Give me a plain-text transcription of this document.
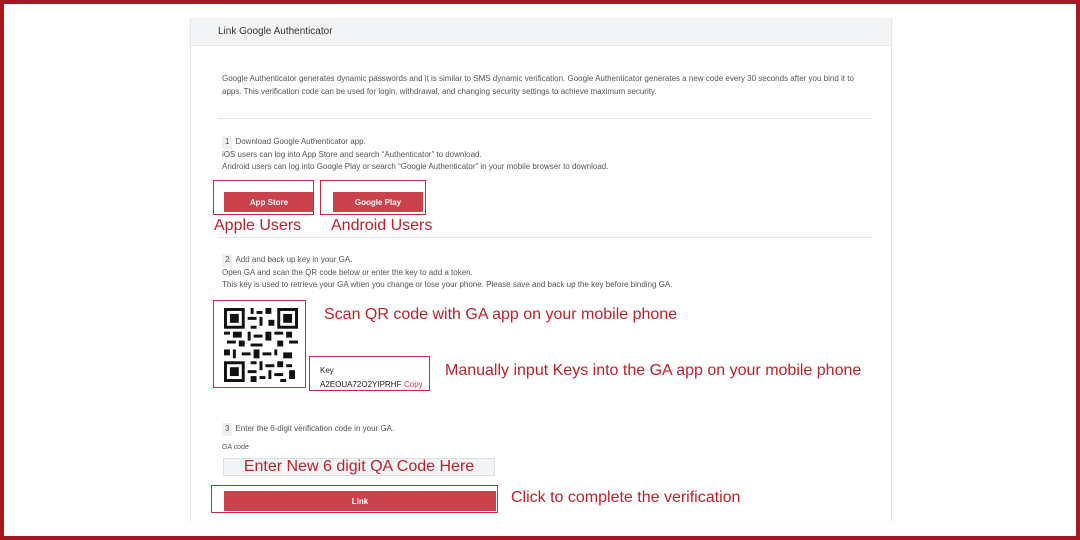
Link Google Authenticator
Google Authenticator generates dynamic passwords and it is similar to SMS dynamic verification. Google Authenticator generates a new code every 30 seconds after you bind it to apps. This verification code can be used for login, withdrawal, and changing security settings to achieve maximum security.
1 Download Google Authenticator app.
iOS users can log into App Store and search “Authenticator” to download.
Android users can log into Google Play or search “Google Authenticator” in your mobile browser to download.
App Store	Google Play
2 Add and back up key in your GA.
Open GA and scan the QR code below or enter the key to add a token.
This key is used to retrieve your GA when you change or lose your phone. Please save and back up the key before binding GA.
Key
A2EOUA72O2YIPRHF Copy
3 Enter the 6-digit verification code in your GA.
GA code
Enter New 6 digit QA Code Here
Link
Apple Users Android Users
Scan QR code with GA app on your mobile phone
Manually input Keys into the GA app on your mobile phone
Click to complete the verification
